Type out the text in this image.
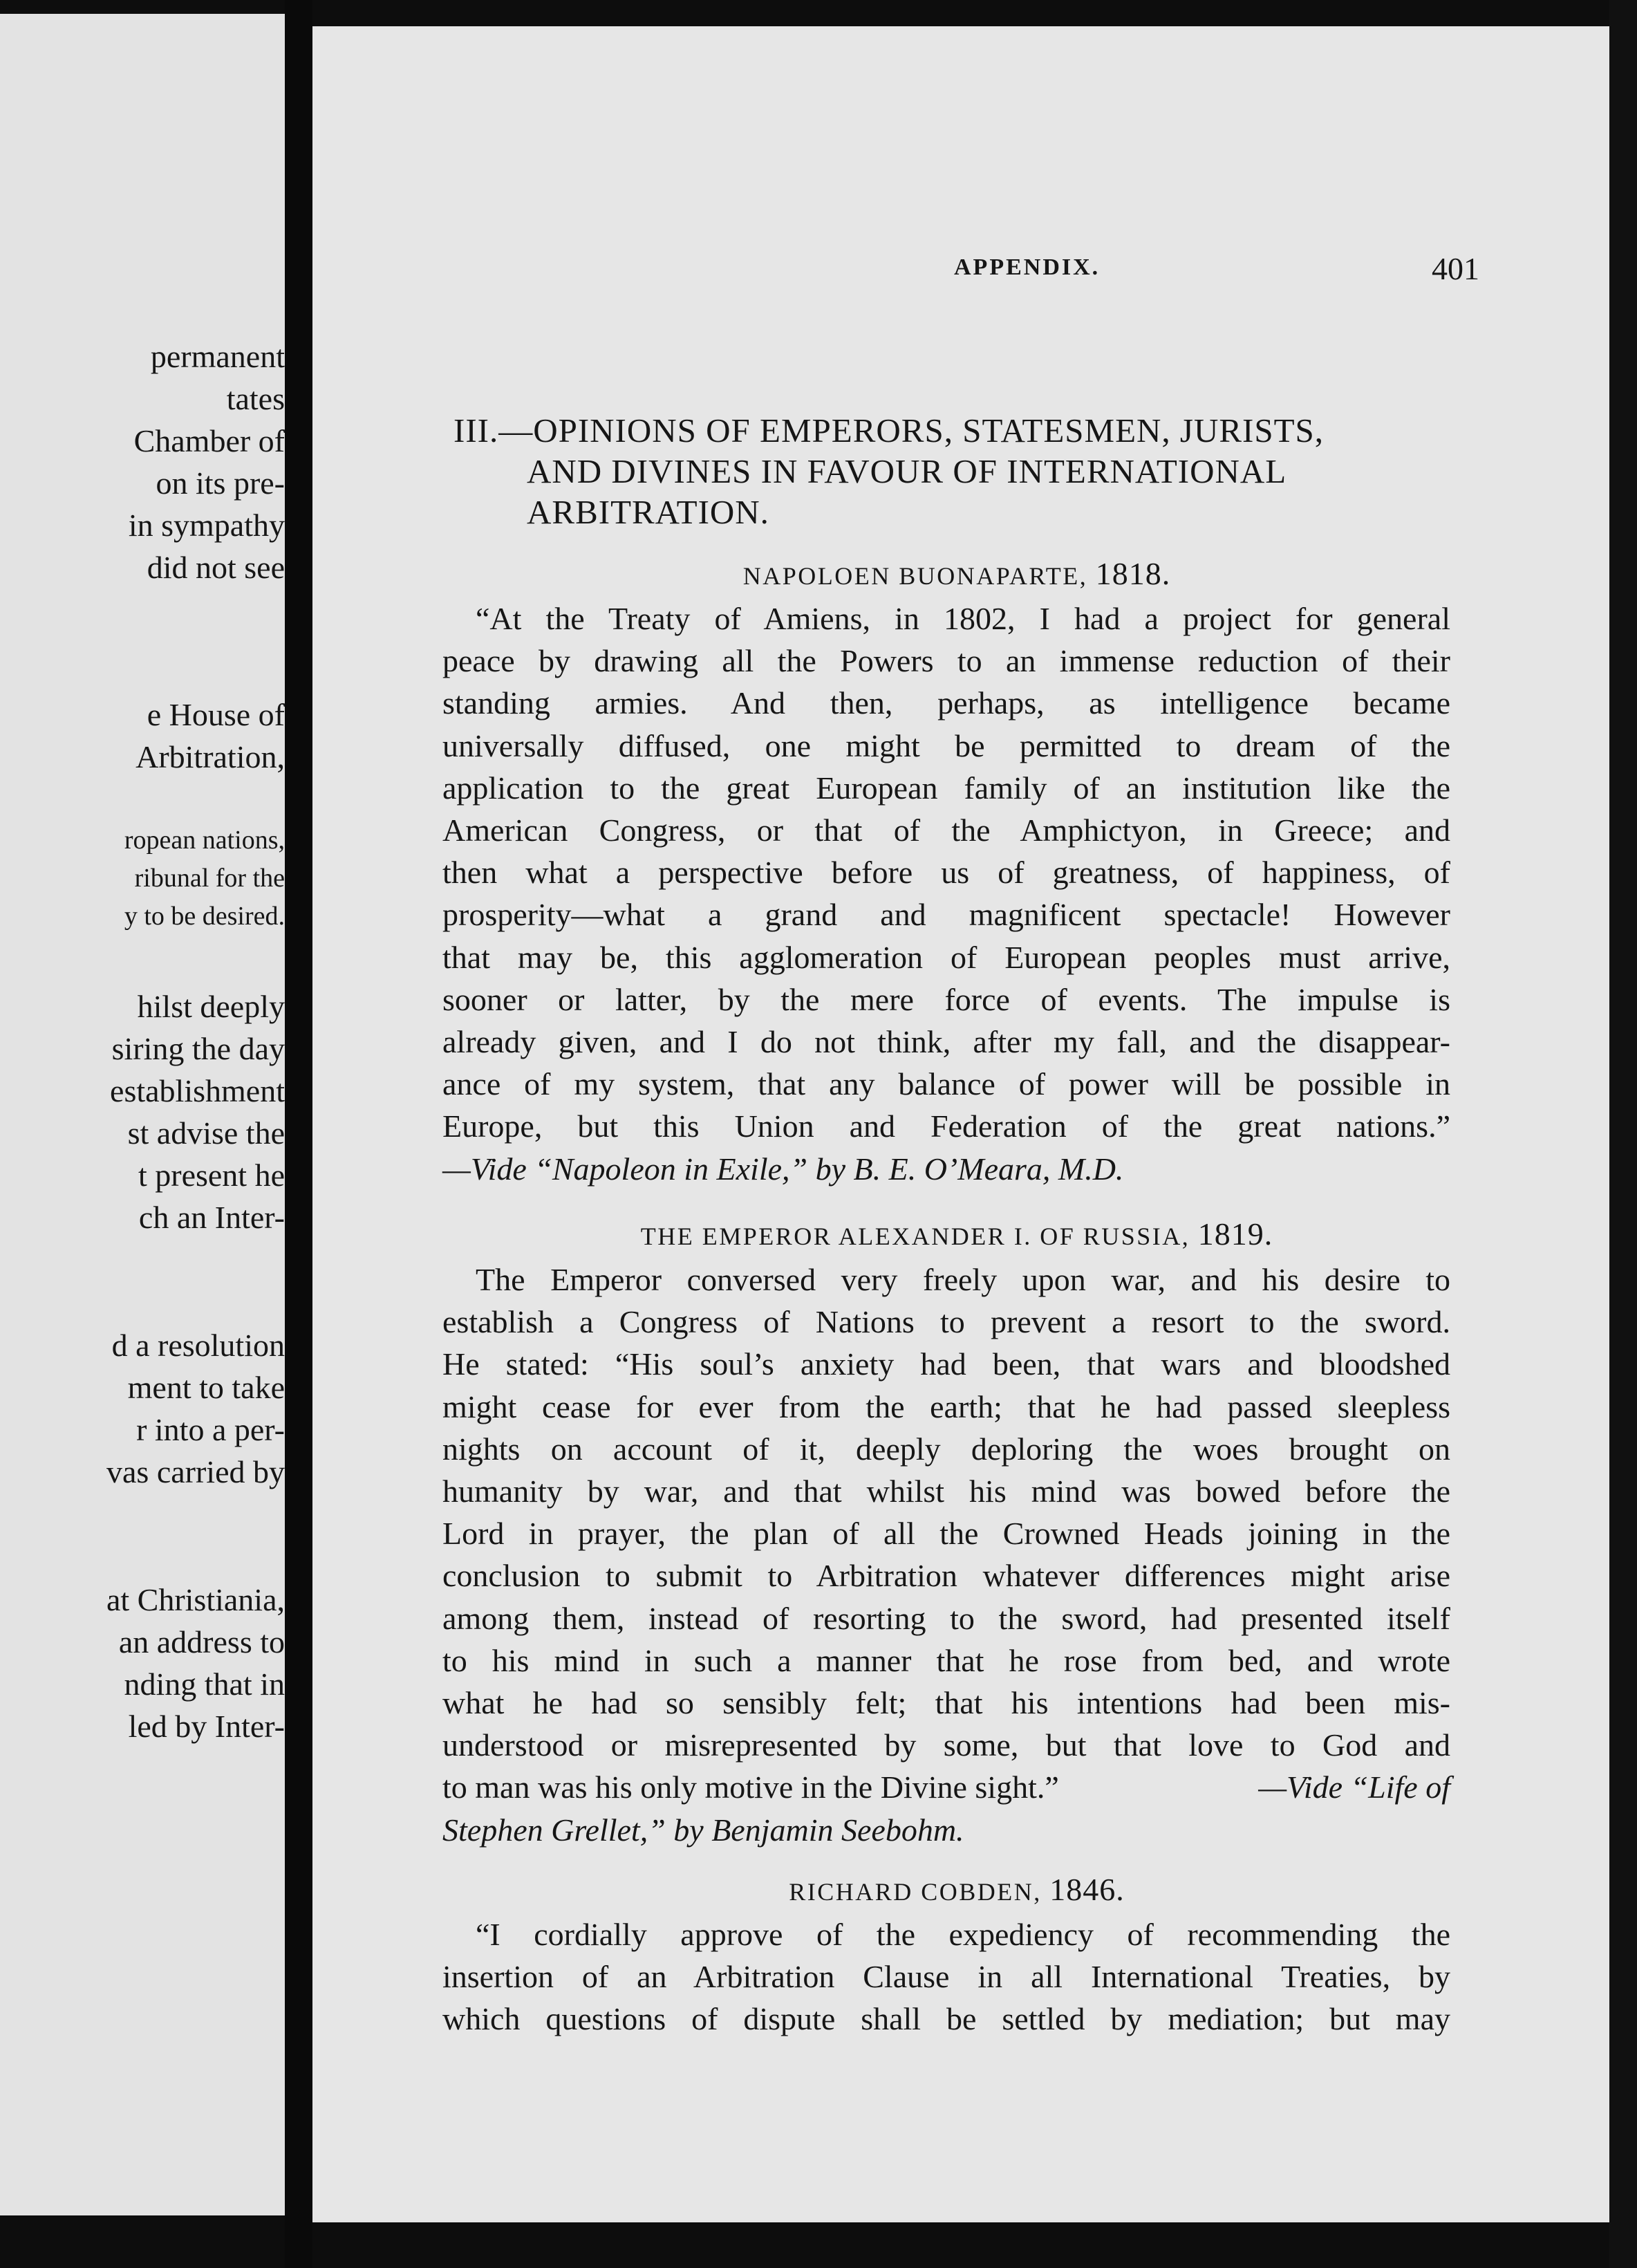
permanent

tates

Chamber of

on its pre-

in sympathy

did not see

e House of

Arbitration,

ropean nations,

ribunal for the

y to be desired.

hilst deeply

siring the day

establishment

st advise the

t present he

ch an Inter-

d a resolution

ment to take

r into a per-

vas carried by

at Christiania,

an address to

nding that in

led by Inter-

APPENDIX.	401
III.—OPINIONS OF EMPERORS, STATESMEN, JURISTS,
AND DIVINES IN FAVOUR OF INTERNATIONAL
ARBITRATION.
NAPOLOEN BUONAPARTE, 1818.
“At the Treaty of Amiens, in 1802, I had a project for general
peace by drawing all the Powers to an immense reduction of their
standing armies. And then, perhaps, as intelligence became
universally diffused, one might be permitted to dream of the
application to the great European family of an institution like the
American Congress, or that of the Amphictyon, in Greece; and
then what a perspective before us of greatness, of happiness, of
prosperity—what a grand and magnificent spectacle! However
that may be, this agglomeration of European peoples must arrive,
sooner or latter, by the mere force of events. The impulse is
already given, and I do not think, after my fall, and the disappear-
ance of my system, that any balance of power will be possible in
Europe, but this Union and Federation of the great nations.”
—Vide “Napoleon in Exile,” by B. E. O’Meara, M.D.
THE EMPEROR ALEXANDER I. OF RUSSIA, 1819.
The Emperor conversed very freely upon war, and his desire to
establish a Congress of Nations to prevent a resort to the sword.
He stated: “His soul’s anxiety had been, that wars and bloodshed
might cease for ever from the earth; that he had passed sleepless
nights on account of it, deeply deploring the woes brought on
humanity by war, and that whilst his mind was bowed before the
Lord in prayer, the plan of all the Crowned Heads joining in the
conclusion to submit to Arbitration whatever differences might arise
among them, instead of resorting to the sword, had presented itself
to his mind in such a manner that he rose from bed, and wrote
what he had so sensibly felt; that his intentions had been mis-
understood or misrepresented by some, but that love to God and
to man was his only motive in the Divine sight.”	—Vide “Life of
Stephen Grellet,” by Benjamin Seebohm.
RICHARD COBDEN, 1846.
“I cordially approve of the expediency of recommending the
insertion of an Arbitration Clause in all International Treaties, by
which questions of dispute shall be settled by mediation; but may
